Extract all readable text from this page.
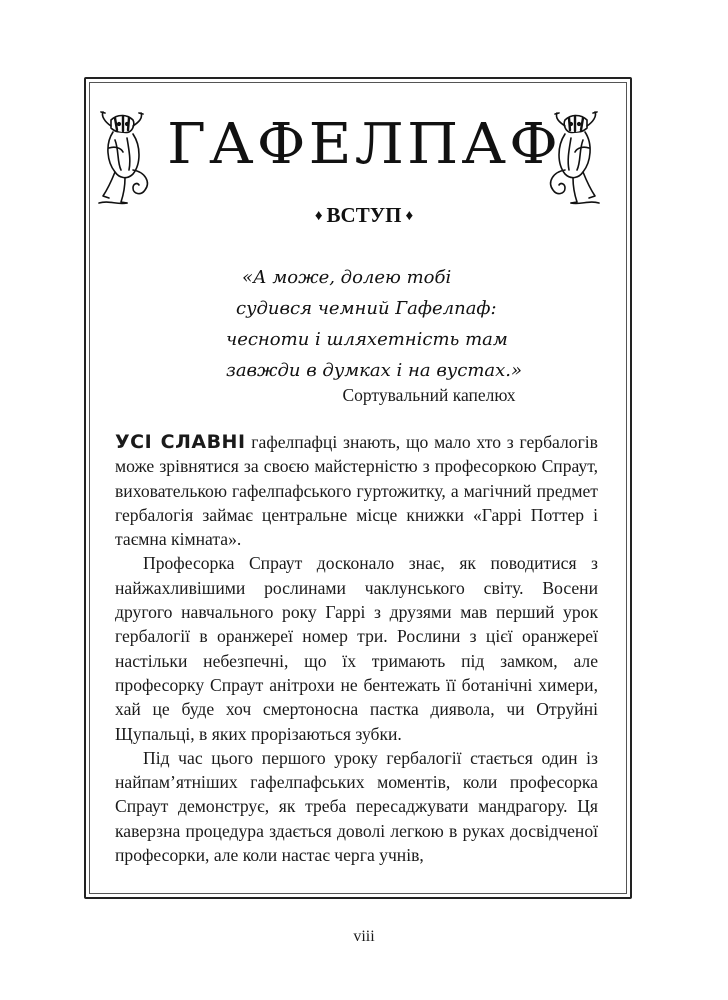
ГАФЕЛПАФ
♦ ВСТУП ♦
«А може, долею тобі
судився чемний Гафелпаф:
чесноти і шляхетність там
завжди в думках і на вустах.»
Сортувальний капелюх

УСІ СЛАВНІ гафелпафці знають, що мало хто з гербалогів може зрівнятися за своєю майстерністю з професоркою Спраут, вихователькою гафелпафського гуртожитку, а магічний предмет гербалогія займає центральне місце книжки «Гаррі Поттер і таємна кімната».

Професорка Спраут досконало знає, як поводитися з найжахливішими рослинами чаклунського світу. Восени другого навчального року Гаррі з друзями мав перший урок гербалогії в оранжереї номер три. Рослини з цієї оранжереї настільки небезпечні, що їх тримають під замком, але професорку Спраут анітрохи не бентежать її ботанічні химери, хай це буде хоч смертоносна пастка диявола, чи Отруйні Щупальці, в яких прорізаються зубки.

Під час цього першого уроку гербалогії стається один із найпам’ятніших гафелпафських моментів, коли професорка Спраут демонструє, як треба пересаджувати мандрагору. Ця каверзна процедура здається доволі легкою в руках досвідченої професорки, але коли настає черга учнів,

viii
